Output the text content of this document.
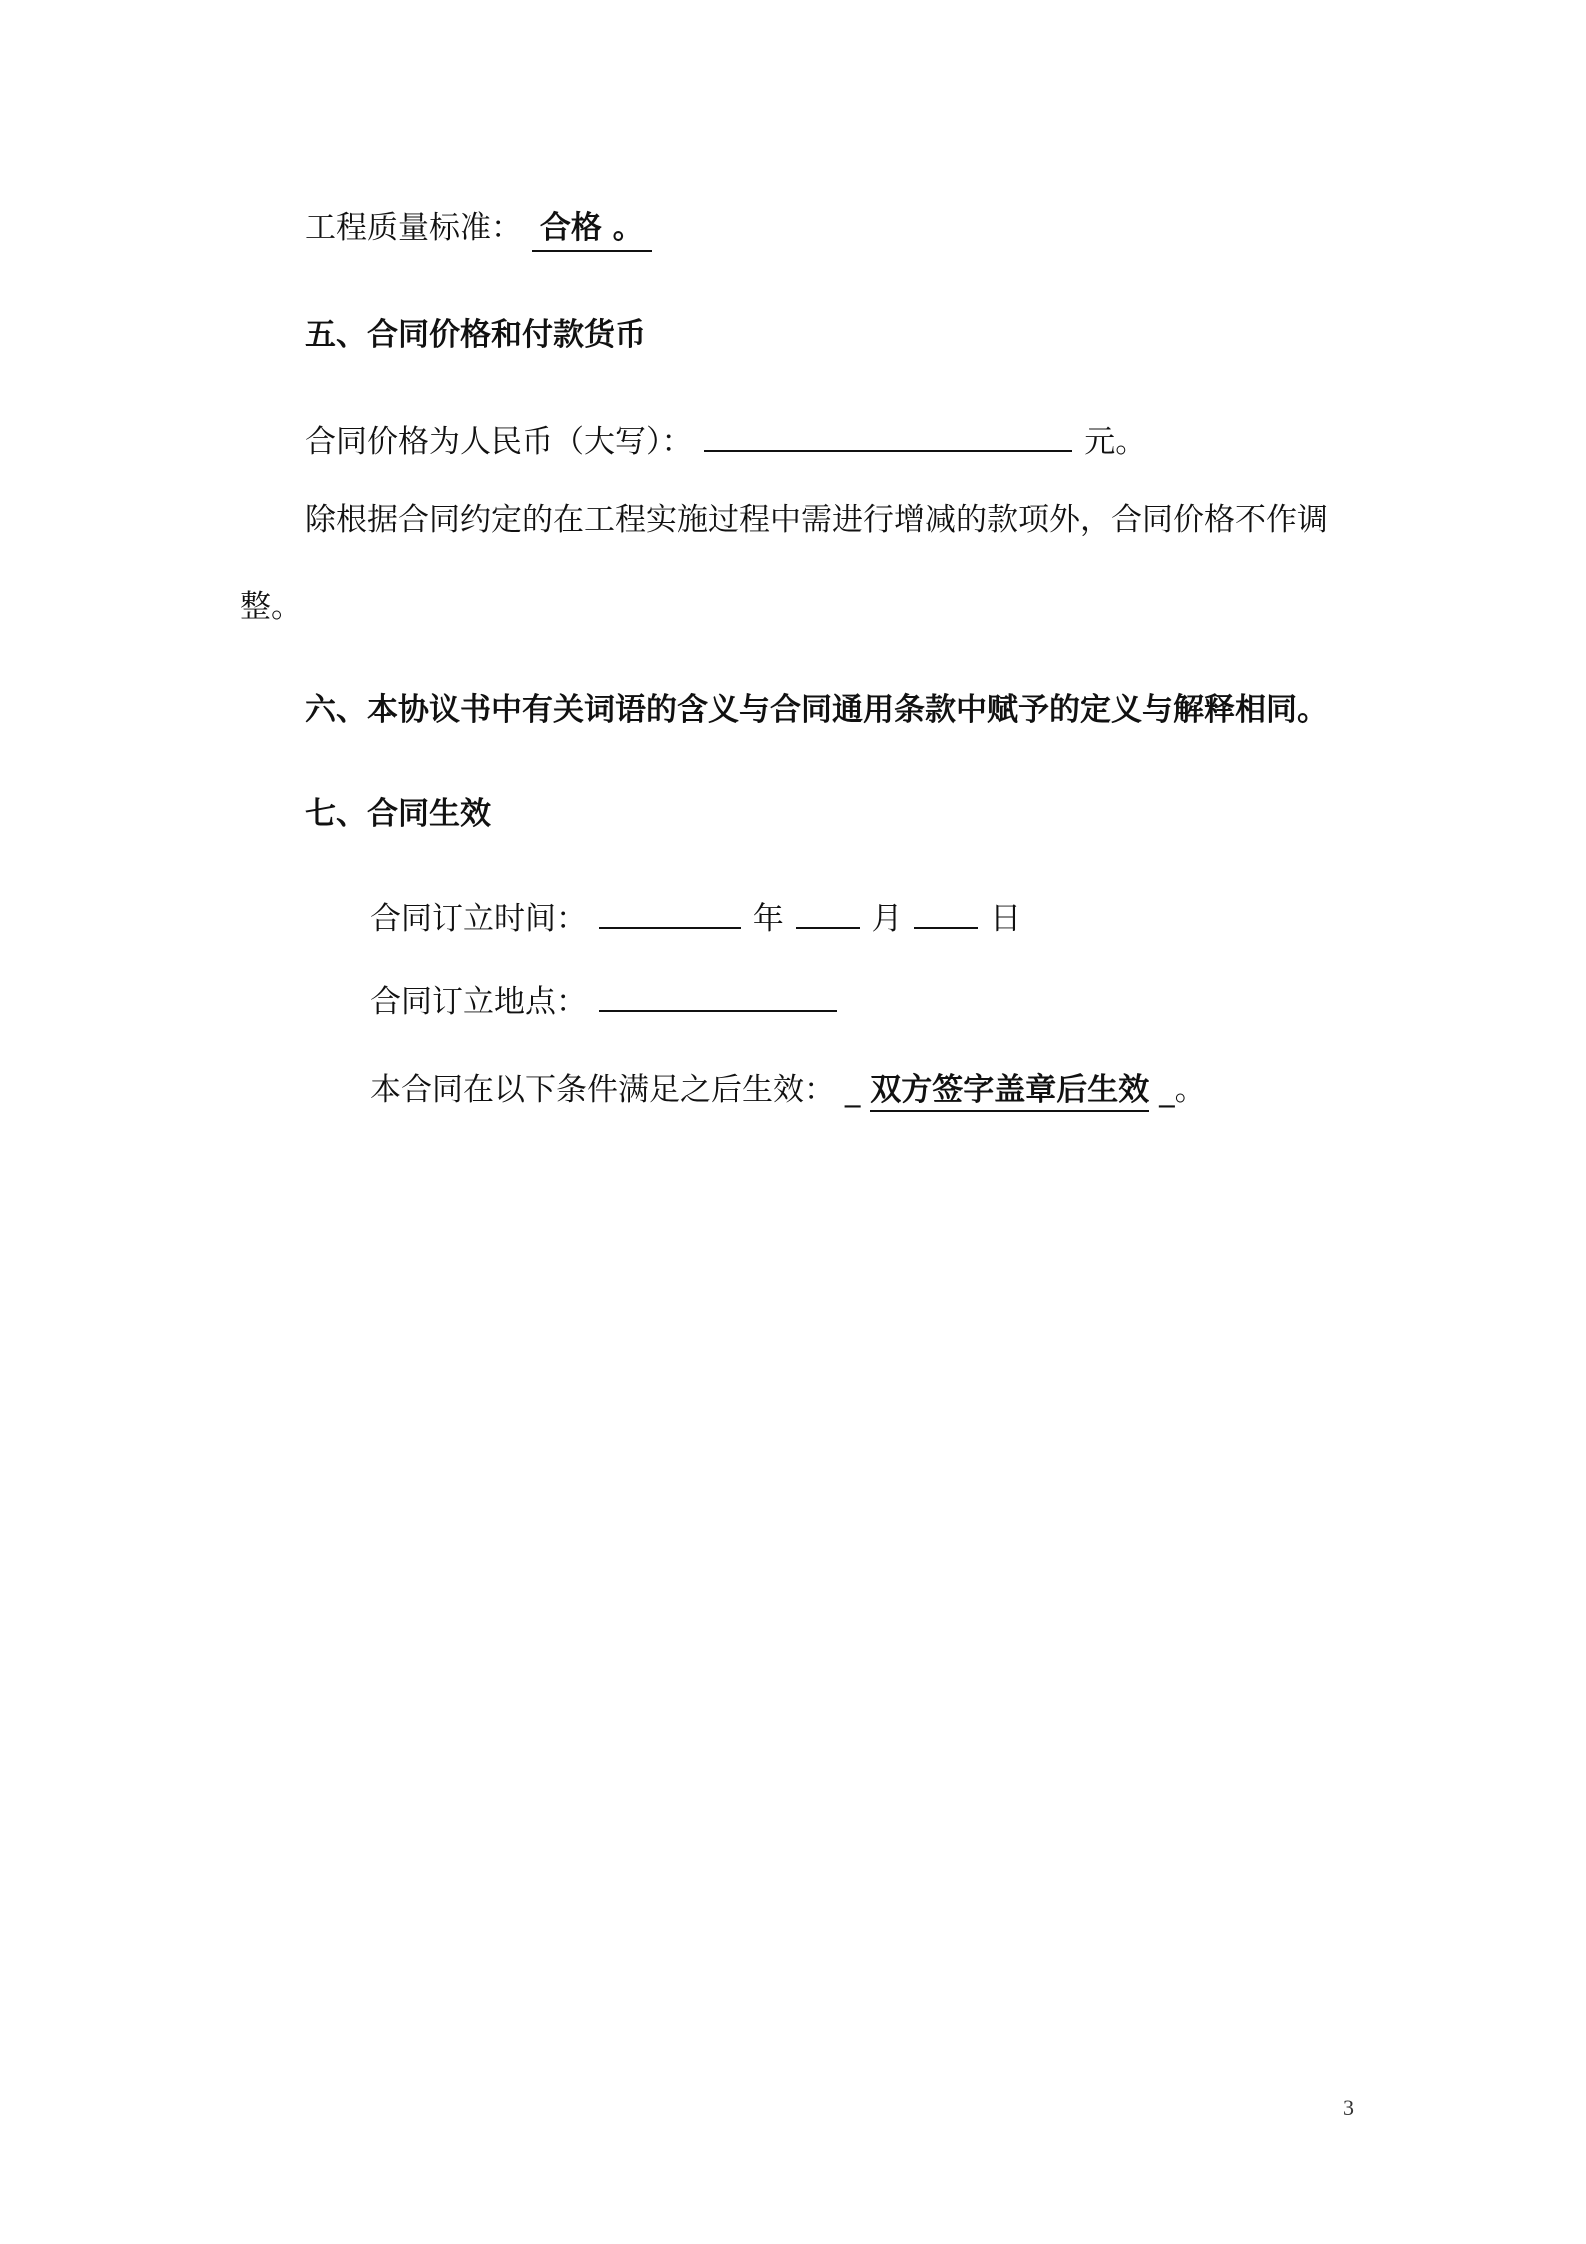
工程质量标准： 合格 。
五、合同价格和付款货币
合同价格为人民币（大写）：	元。
除根据合同约定的在工程实施过程中需进行增减的款项外，合同价格不作调
整。
六、本协议书中有关词语的含义与合同通用条款中赋予的定义与解释相同。
七、合同生效
合同订立时间：	年	月	日
合同订立地点：
本合同在以下条件满足之后生效： _ 双方签字盖章后生效 _。
3
